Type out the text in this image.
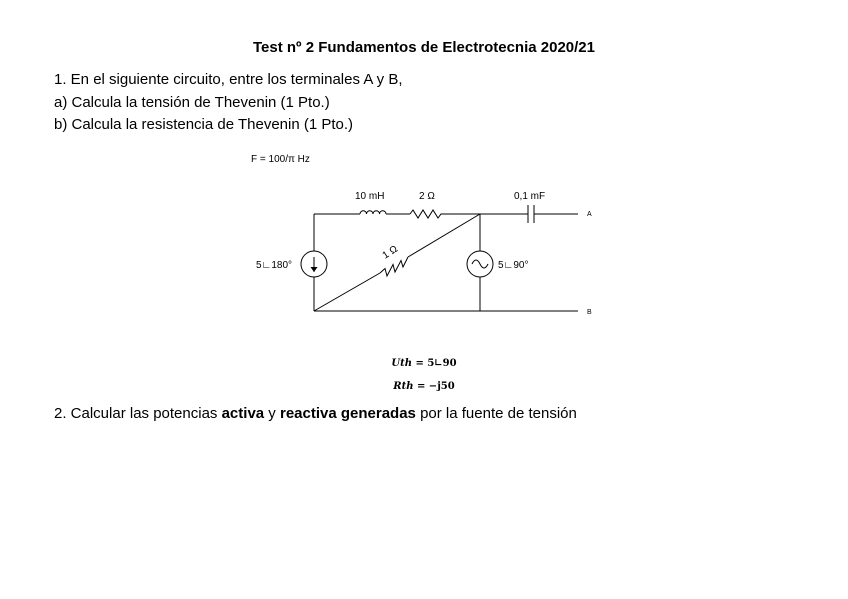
Test nº 2 Fundamentos de Electrotecnia 2020/21
1. En el siguiente circuito, entre los terminales A y B,
a) Calcula la tensión de Thevenin (1 Pto.)
b) Calcula la resistencia de Thevenin (1 Pto.)
F = 100/π Hz
10 mH	2 Ω	0,1 mF
5∟180°	5∟90°
1 Ω
A
B
Uth = 5∟90
Rth = −j50
2. Calcular las potencias activa y reactiva generadas por la fuente de tensión
